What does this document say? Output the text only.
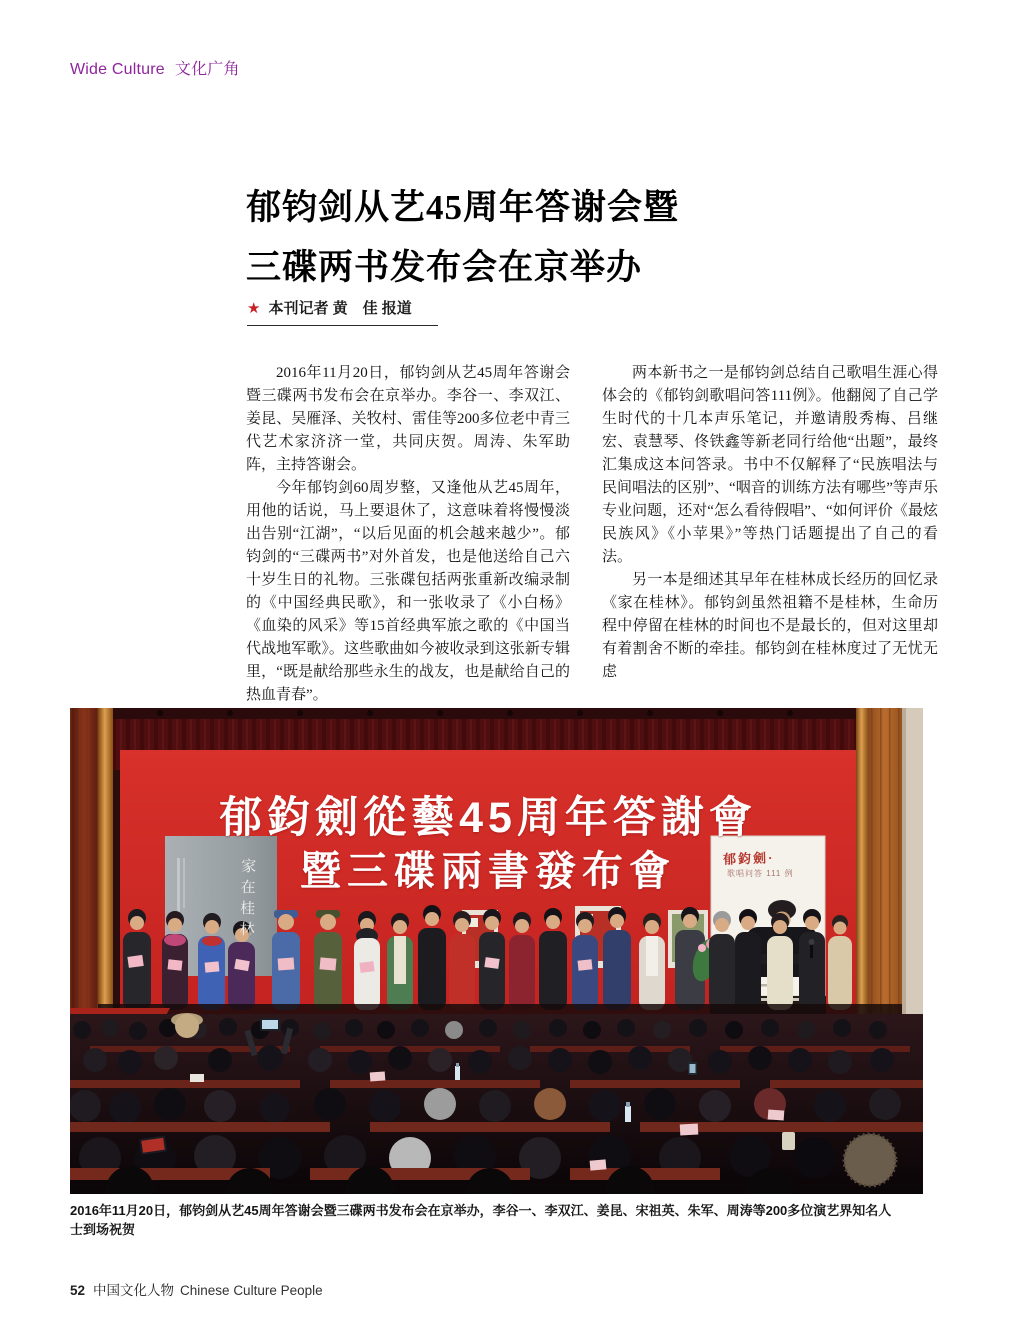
Wide Culture 文化广角
郁钧剑从艺45周年答谢会暨
三碟两书发布会在京举办
★ 本刊记者 黄　佳 报道

2016年11月20日，郁钧剑从艺45周年答谢会暨三碟两书发布会在京举办。李谷一、李双江、姜昆、吴雁泽、关牧村、雷佳等200多位老中青三代艺术家济济一堂，共同庆贺。周涛、朱军助阵，主持答谢会。

今年郁钧剑60周岁整，又逢他从艺45周年，用他的话说，马上要退休了，这意味着将慢慢淡出告别“江湖”，“以后见面的机会越来越少”。郁钧剑的“三碟两书”对外首发，也是他送给自己六十岁生日的礼物。三张碟包括两张重新改编录制的《中国经典民歌》，和一张收录了《小白杨》《血染的风采》等15首经典军旅之歌的《中国当代战地军歌》。这些歌曲如今被收录到这张新专辑里，“既是献给那些永生的战友，也是献给自己的热血青春”。

两本新书之一是郁钧剑总结自己歌唱生涯心得体会的《郁钧剑歌唱问答111例》。他翻阅了自己学生时代的十几本声乐笔记，并邀请殷秀梅、吕继宏、袁慧琴、佟铁鑫等新老同行给他“出题”，最终汇集成这本问答录。书中不仅解释了“民族唱法与民间唱法的区别”、“咽音的训练方法有哪些”等声乐专业问题，还对“怎么看待假唱”、“如何评价《最炫民族风》《小苹果》”等热门话题提出了自己的看法。

另一本是细述其早年在桂林成长经历的回忆录《家在桂林》。郁钧剑虽然祖籍不是桂林，生命历程中停留在桂林的时间也不是最长的，但对这里却有着割舍不断的牵挂。郁钧剑在桂林度过了无忧无虑

郁鈞劍從藝45周年答謝會
暨三碟兩書發布會
家在桂林	郁鈞劍·
歌唱问答 111 例
2016年11月20日，郁钧剑从艺45周年答谢会暨三碟两书发布会在京举办，李谷一、李双江、姜昆、宋祖英、朱军、周涛等200多位演艺界知名人士到场祝贺
52 中国文化人物 Chinese Culture People
